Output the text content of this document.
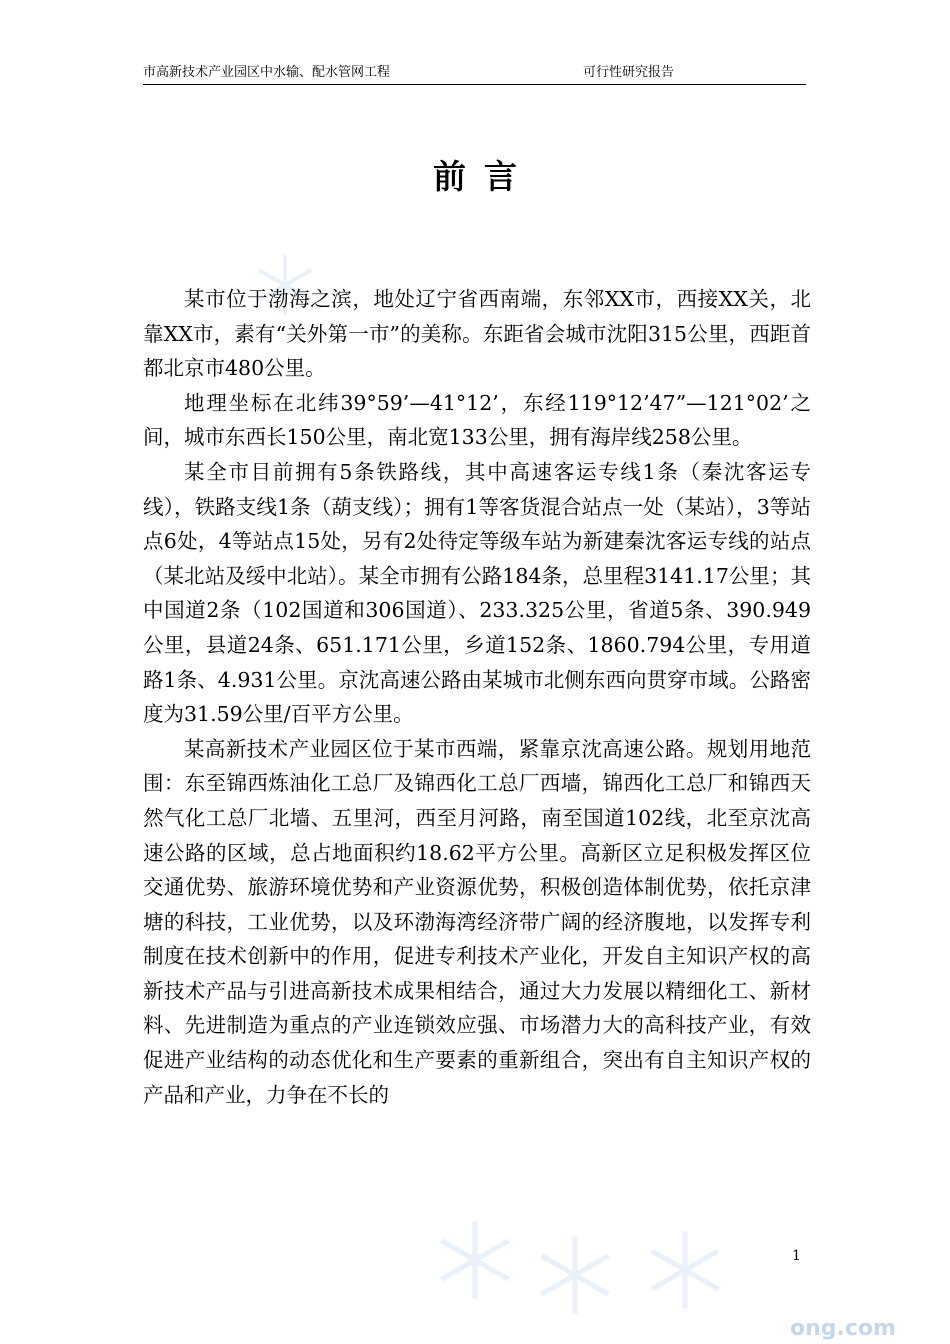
ong.com
市高新技术产业园区中水输、配水管网工程	可行性研究报告
前言

某市位于渤海之滨，地处辽宁省西南端，东邻XX市，西接XX关，北靠XX市，素有“关外第一市”的美称。东距省会城市沈阳315公里，西距首都北京市480公里。

地理坐标在北纬39°59’—41°12’，东经119°12’47”—121°02’之间，城市东西长150公里，南北宽133公里，拥有海岸线258公里。

某全市目前拥有5条铁路线，其中高速客运专线1条（秦沈客运专线），铁路支线1条（葫支线）；拥有1等客货混合站点一处（某站），3等站点6处，4等站点15处，另有2处待定等级车站为新建秦沈客运专线的站点（某北站及绥中北站）。某全市拥有公路184条，总里程3141.17公里；其中国道2条（102国道和306国道）、233.325公里，省道5条、390.949公里，县道24条、651.171公里，乡道152条、1860.794公里，专用道路1条、4.931公里。京沈高速公路由某城市北侧东西向贯穿市域。公路密度为31.59公里/百平方公里。

某高新技术产业园区位于某市西端，紧靠京沈高速公路。规划用地范围：东至锦西炼油化工总厂及锦西化工总厂西墙，锦西化工总厂和锦西天然气化工总厂北墙、五里河，西至月河路，南至国道102线，北至京沈高速公路的区域，总占地面积约18.62平方公里。高新区立足积极发挥区位交通优势、旅游环境优势和产业资源优势，积极创造体制优势，依托京津塘的科技，工业优势，以及环渤海湾经济带广阔的经济腹地，以发挥专利制度在技术创新中的作用，促进专利技术产业化，开发自主知识产权的高新技术产品与引进高新技术成果相结合，通过大力发展以精细化工、新材料、先进制造为重点的产业连锁效应强、市场潜力大的高科技产业，有效促进产业结构的动态优化和生产要素的重新组合，突出有自主知识产权的产品和产业，力争在不长的

1
